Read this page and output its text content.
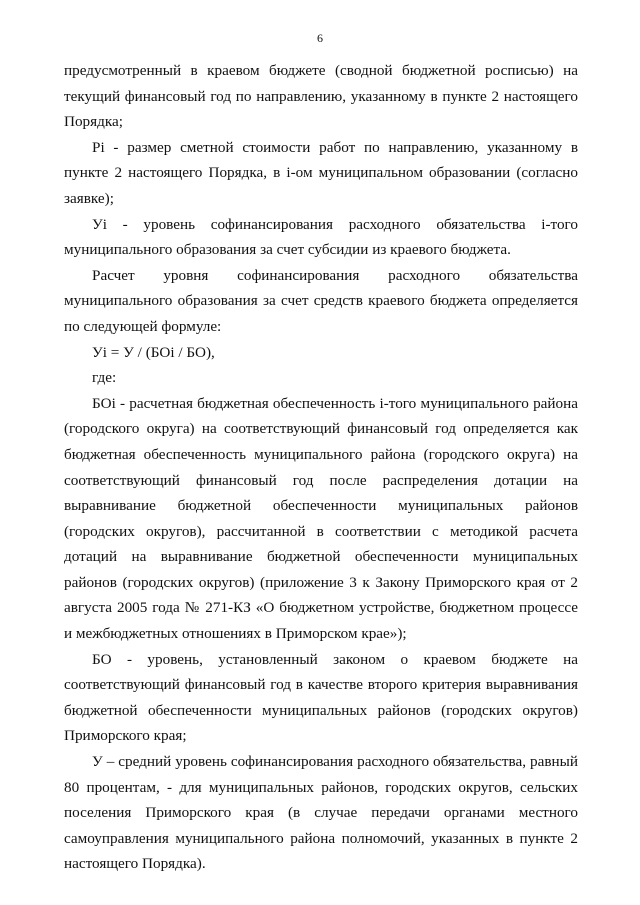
6

предусмотренный в краевом бюджете (сводной бюджетной росписью) на текущий финансовый год по направлению, указанному в пункте 2 настоящего Порядка;

Pi - размер сметной стоимости работ по направлению, указанному в пункте 2 настоящего Порядка, в i-ом муниципальном образовании (согласно заявке);

Уi - уровень софинансирования расходного обязательства i-того муниципального образования за счет субсидии из краевого бюджета.

Расчет уровня софинансирования расходного обязательства муниципального образования за счет средств краевого бюджета определяется по следующей формуле:

Уi = У / (БОi / БО),

где:

БОi - расчетная бюджетная обеспеченность i-того муниципального района (городского округа) на соответствующий финансовый год определяется как бюджетная обеспеченность муниципального района (городского округа) на соответствующий финансовый год после распределения дотации на выравнивание бюджетной обеспеченности муниципальных районов (городских округов), рассчитанной в соответствии с методикой расчета дотаций на выравнивание бюджетной обеспеченности муниципальных районов (городских округов) (приложение 3 к Закону Приморского края от 2 августа 2005 года № 271-КЗ «О бюджетном устройстве, бюджетном процессе и межбюджетных отношениях в Приморском крае»);

БО - уровень, установленный законом о краевом бюджете на соответствующий финансовый год в качестве второго критерия выравнивания бюджетной обеспеченности муниципальных районов (городских округов) Приморского края;

У – средний уровень софинансирования расходного обязательства, равный 80 процентам, - для муниципальных районов, городских округов, сельских поселения Приморского края (в случае передачи органами местного самоуправления муниципального района полномочий, указанных в пункте 2 настоящего Порядка).
